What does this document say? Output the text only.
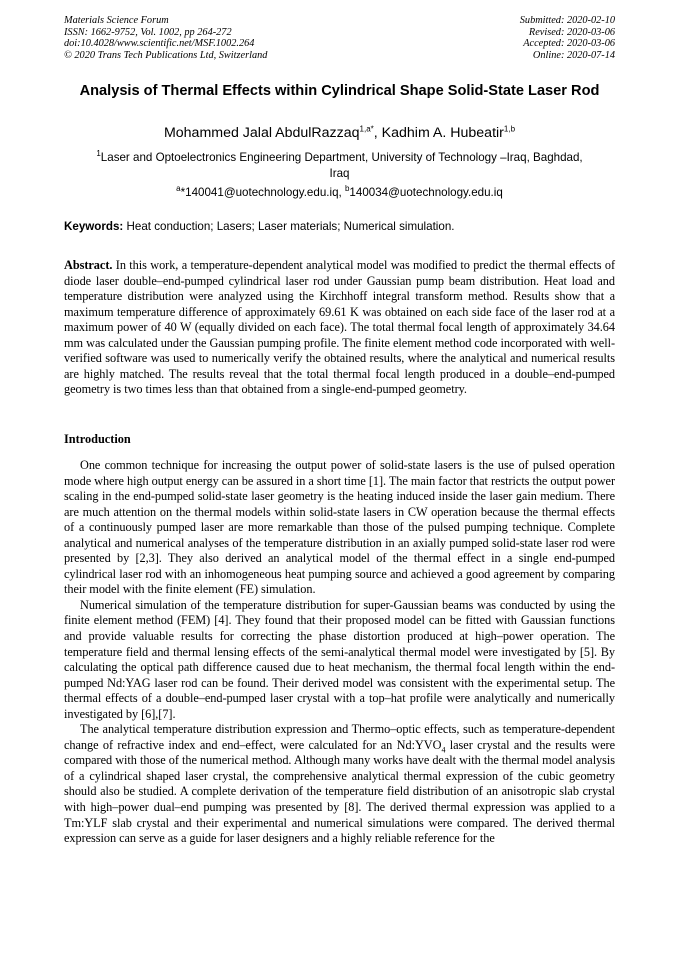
Materials Science Forum
ISSN: 1662-9752, Vol. 1002, pp 264-272
doi:10.4028/www.scientific.net/MSF.1002.264
© 2020 Trans Tech Publications Ltd, Switzerland
Submitted: 2020-02-10
Revised: 2020-03-06
Accepted: 2020-03-06
Online: 2020-07-14
Analysis of Thermal Effects within Cylindrical Shape Solid-State Laser Rod
Mohammed Jalal AbdulRazzaq$^{1,a*}$, Kadhim A. Hubeatir$^{1,b}$
$^1$Laser and Optoelectronics Engineering Department, University of Technology –Iraq, Baghdad, Iraq
$^a$*140041@uotechnology.edu.iq, $^b$140034@uotechnology.edu.iq
Keywords: Heat conduction; Lasers; Laser materials; Numerical simulation.
Abstract. In this work, a temperature-dependent analytical model was modified to predict the thermal effects of diode laser double–end-pumped cylindrical laser rod under Gaussian pump beam distribution. Heat load and temperature distribution were analyzed using the Kirchhoff integral transform method. Results show that a maximum temperature difference of approximately 69.61 K was obtained on each side face of the laser rod at a maximum power of 40 W (equally divided on each face). The total thermal focal length of approximately 34.64 mm was calculated under the Gaussian pumping profile. The finite element method code incorporated with well-verified software was used to numerically verify the obtained results, where the analytical and numerical results are highly matched. The results reveal that the total thermal focal length produced in a double–end-pumped geometry is two times less than that obtained from a single-end-pumped geometry.
Introduction

One common technique for increasing the output power of solid-state lasers is the use of pulsed operation mode where high output energy can be assured in a short time [1]. The main factor that restricts the output power scaling in the end-pumped solid-state laser geometry is the heating induced inside the laser gain medium. There are much attention on the thermal models within solid-state lasers in CW operation because the thermal effects of a continuously pumped laser are more remarkable than those of the pulsed pumping technique. Complete analytical and numerical analyses of the temperature distribution in an axially pumped solid-state laser rod were presented by [2,3]. They also derived an analytical model of the thermal effect in a single end-pumped cylindrical laser rod with an inhomogeneous heat pumping source and achieved a good agreement by comparing their model with the finite element (FE) simulation.

Numerical simulation of the temperature distribution for super-Gaussian beams was conducted by using the finite element method (FEM) [4]. They found that their proposed model can be fitted with Gaussian functions and provide valuable results for correcting the phase distortion produced at high–power operation. The temperature field and thermal lensing effects of the semi-analytical thermal model were investigated by [5]. By calculating the optical path difference caused due to heat mechanism, the thermal focal length within the end-pumped Nd:YAG laser rod can be found. Their derived model was consistent with the experimental setup. The thermal effects of a double–end-pumped laser crystal with a top–hat profile were analytically and numerically investigated by [6],[7].

The analytical temperature distribution expression and Thermo–optic effects, such as temperature-dependent change of refractive index and end–effect, were calculated for an $Nd:YVO_4$ laser crystal and the results were compared with those of the numerical method. Although many works have dealt with the thermal model analysis of a cylindrical shaped laser crystal, the comprehensive analytical thermal expression of the cubic geometry should also be studied. A complete derivation of the temperature field distribution of an anisotropic slab crystal with high–power dual–end pumping was presented by [8]. The derived thermal expression was applied to a Tm:YLF slab crystal and their experimental and numerical simulations were compared. The derived thermal expression can serve as a guide for laser designers and a highly reliable reference for the
